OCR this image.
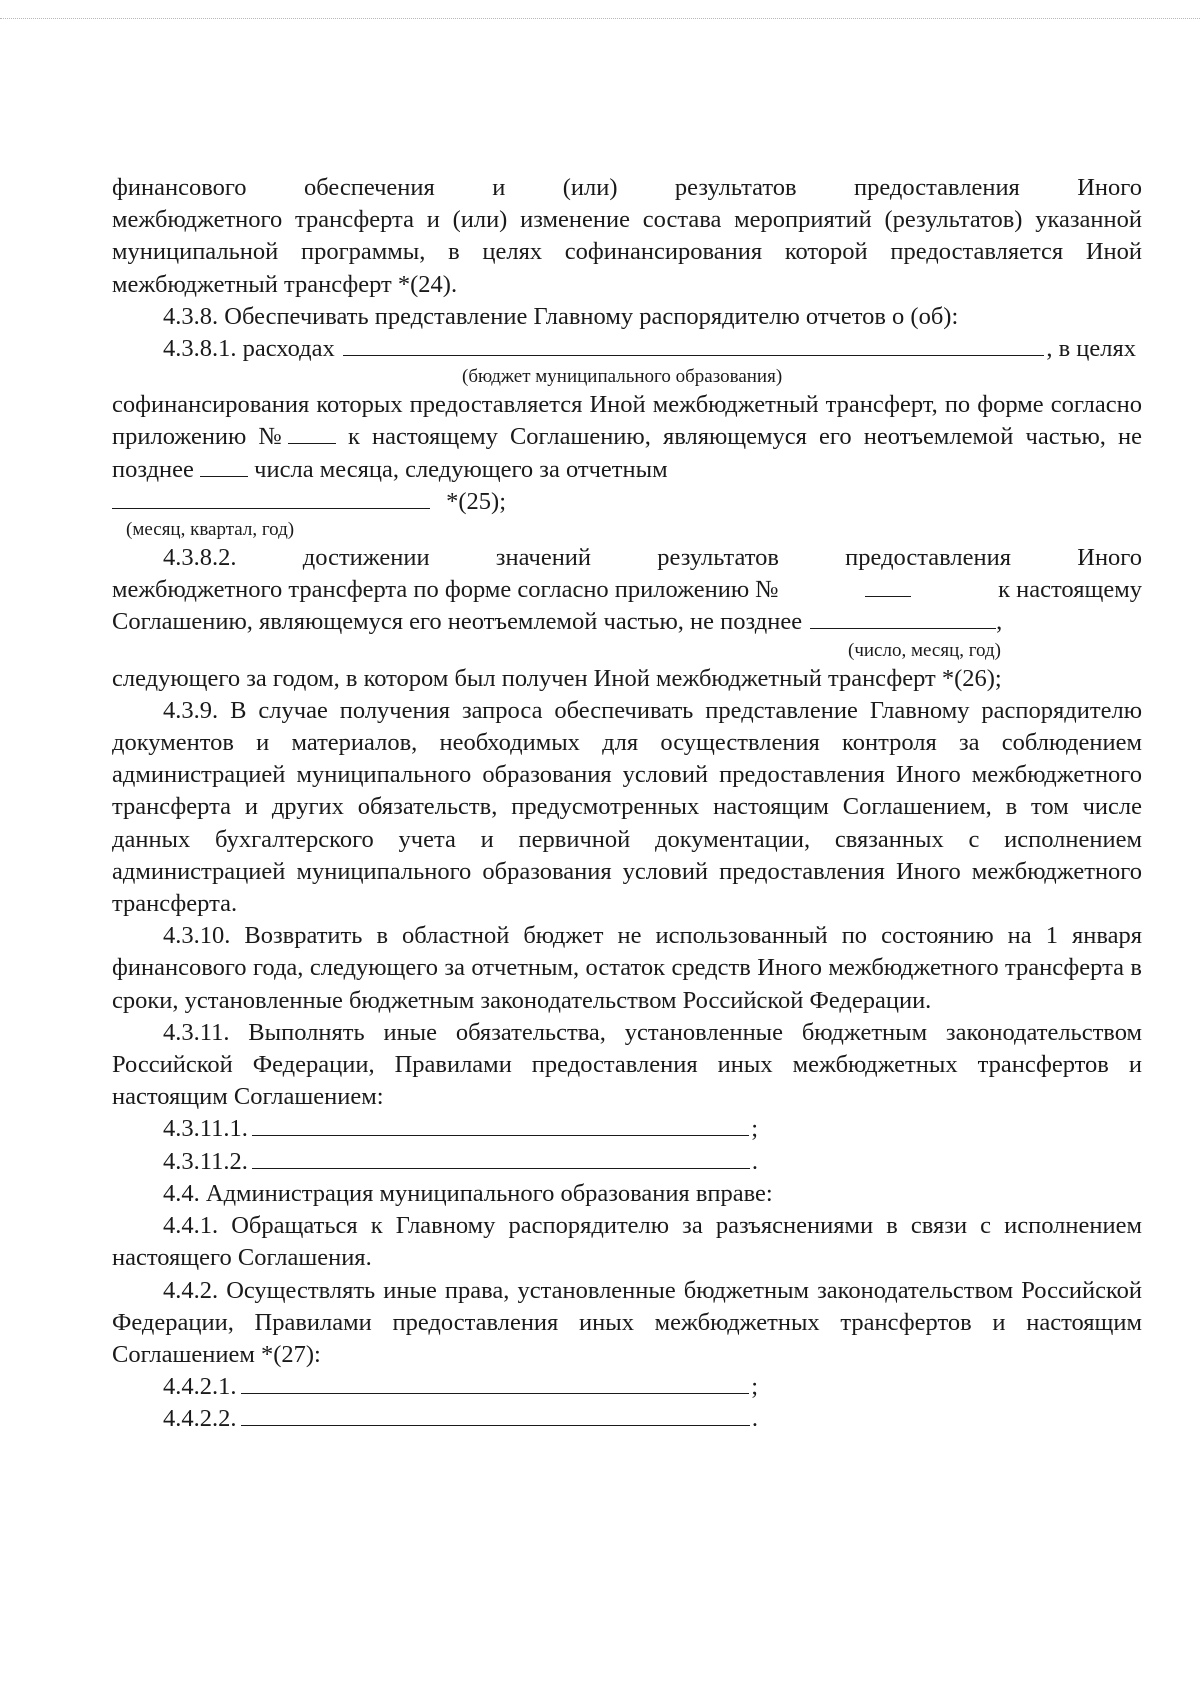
финансового обеспечения и (или) результатов предоставления Иного

межбюджетного трансферта и (или) изменение состава мероприятий (результатов) указанной муниципальной программы, в целях софинансирования которой предоставляется Иной межбюджетный трансферт *(24).

4.3.8. Обеспечивать представление Главному распорядителю отчетов о (об):

4.3.8.1. расходах	, в целях
(бюджет муниципального образования)

софинансирования которых предоставляется Иной межбюджетный трансферт, по форме согласно приложению № к настоящему Соглашению, являющемуся его неотъемлемой частью, не позднее числа месяца, следующего за отчетным

*(25);
(месяц, квартал, год)

4.3.8.2. достижении значений результатов предоставления Иного

межбюджетного трансферта по форме согласно приложению №	к настоящему
Соглашению, являющемуся его неотъемлемой частью, не позднее	,
(число, месяц, год)

следующего за годом, в котором был получен Иной межбюджетный трансферт *(26);

4.3.9. В случае получения запроса обеспечивать представление Главному распорядителю документов и материалов, необходимых для осуществления контроля за соблюдением администрацией муниципального образования условий предоставления Иного межбюджетного трансферта и других обязательств, предусмотренных настоящим Соглашением, в том числе данных бухгалтерского учета и первичной документации, связанных с исполнением администрацией муниципального образования условий предоставления Иного межбюджетного трансферта.

4.3.10. Возвратить в областной бюджет не использованный по состоянию на 1 января финансового года, следующего за отчетным, остаток средств Иного межбюджетного трансферта в сроки, установленные бюджетным законодательством Российской Федерации.

4.3.11. Выполнять иные обязательства, установленные бюджетным законодательством Российской Федерации, Правилами предоставления иных межбюджетных трансфертов и настоящим Соглашением:

4.3.11.1.	;
4.3.11.2.	.

4.4. Администрация муниципального образования вправе:

4.4.1. Обращаться к Главному распорядителю за разъяснениями в связи с исполнением настоящего Соглашения.

4.4.2. Осуществлять иные права, установленные бюджетным законодательством Российской Федерации, Правилами предоставления иных межбюджетных трансфертов и настоящим Соглашением *(27):

4.4.2.1.	;
4.4.2.2.	.
